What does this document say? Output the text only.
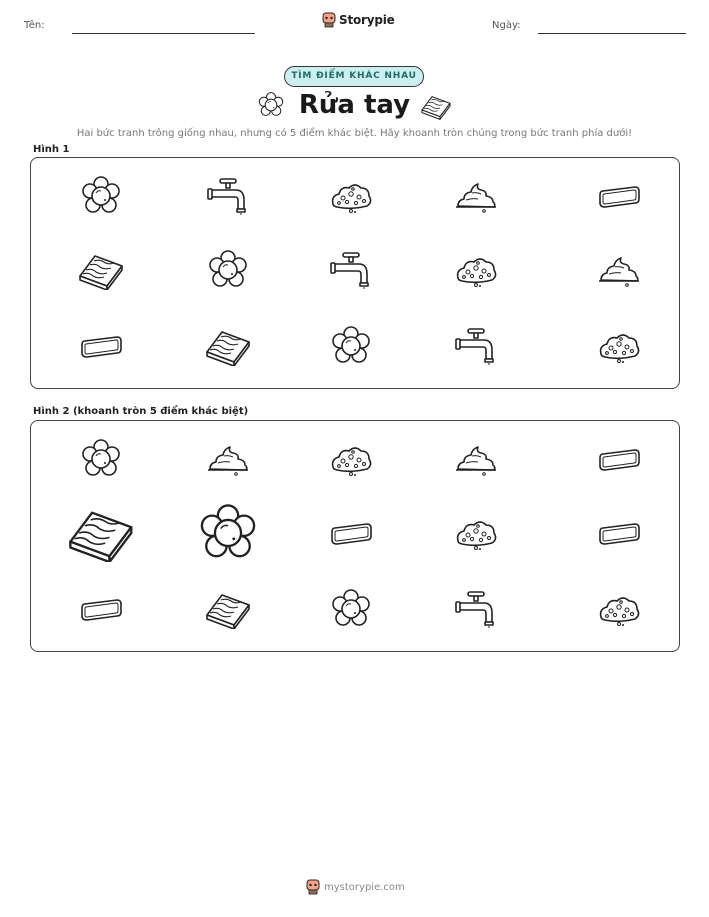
Tên:	Storypie	Ngày:
TÌM ĐIỂM KHÁC NHAU
Rửa tay
Hai bức tranh trông giống nhau, nhưng có 5 điểm khác biệt. Hãy khoanh tròn chúng trong bức tranh phía dưới!
Hình 1
Hình 2 (khoanh tròn 5 điểm khác biệt)
mystorypie.com
